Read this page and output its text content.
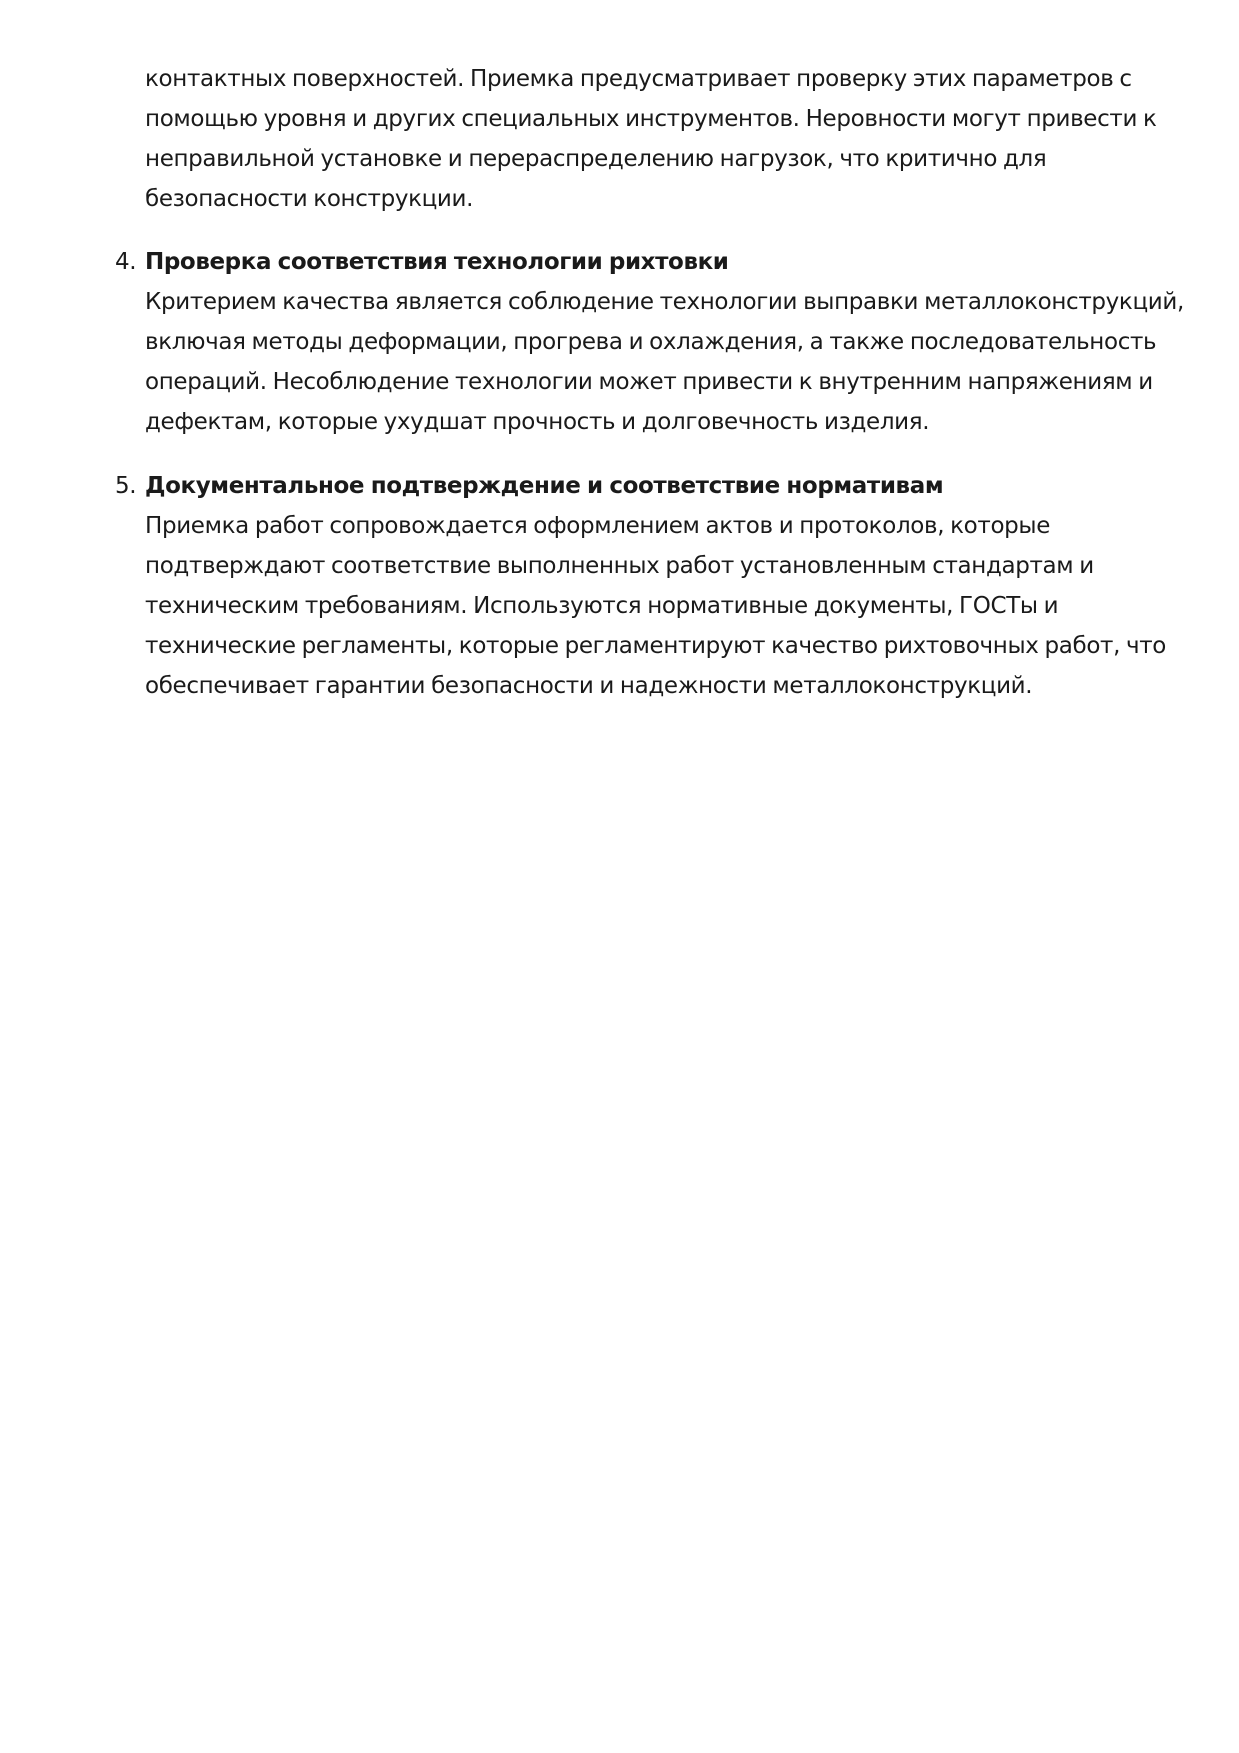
контактных поверхностей. Приемка предусматривает проверку этих параметров с
помощью уровня и других специальных инструментов. Неровности могут привести к
неправильной установке и перераспределению нагрузок, что критично для
безопасности конструкции.
4. Проверка соответствия технологии рихтовки
Критерием качества является соблюдение технологии выправки металлоконструкций,
включая методы деформации, прогрева и охлаждения, а также последовательность
операций. Несоблюдение технологии может привести к внутренним напряжениям и
дефектам, которые ухудшат прочность и долговечность изделия.
5. Документальное подтверждение и соответствие нормативам
Приемка работ сопровождается оформлением актов и протоколов, которые
подтверждают соответствие выполненных работ установленным стандартам и
техническим требованиям. Используются нормативные документы, ГОСТы и
технические регламенты, которые регламентируют качество рихтовочных работ, что
обеспечивает гарантии безопасности и надежности металлоконструкций.
